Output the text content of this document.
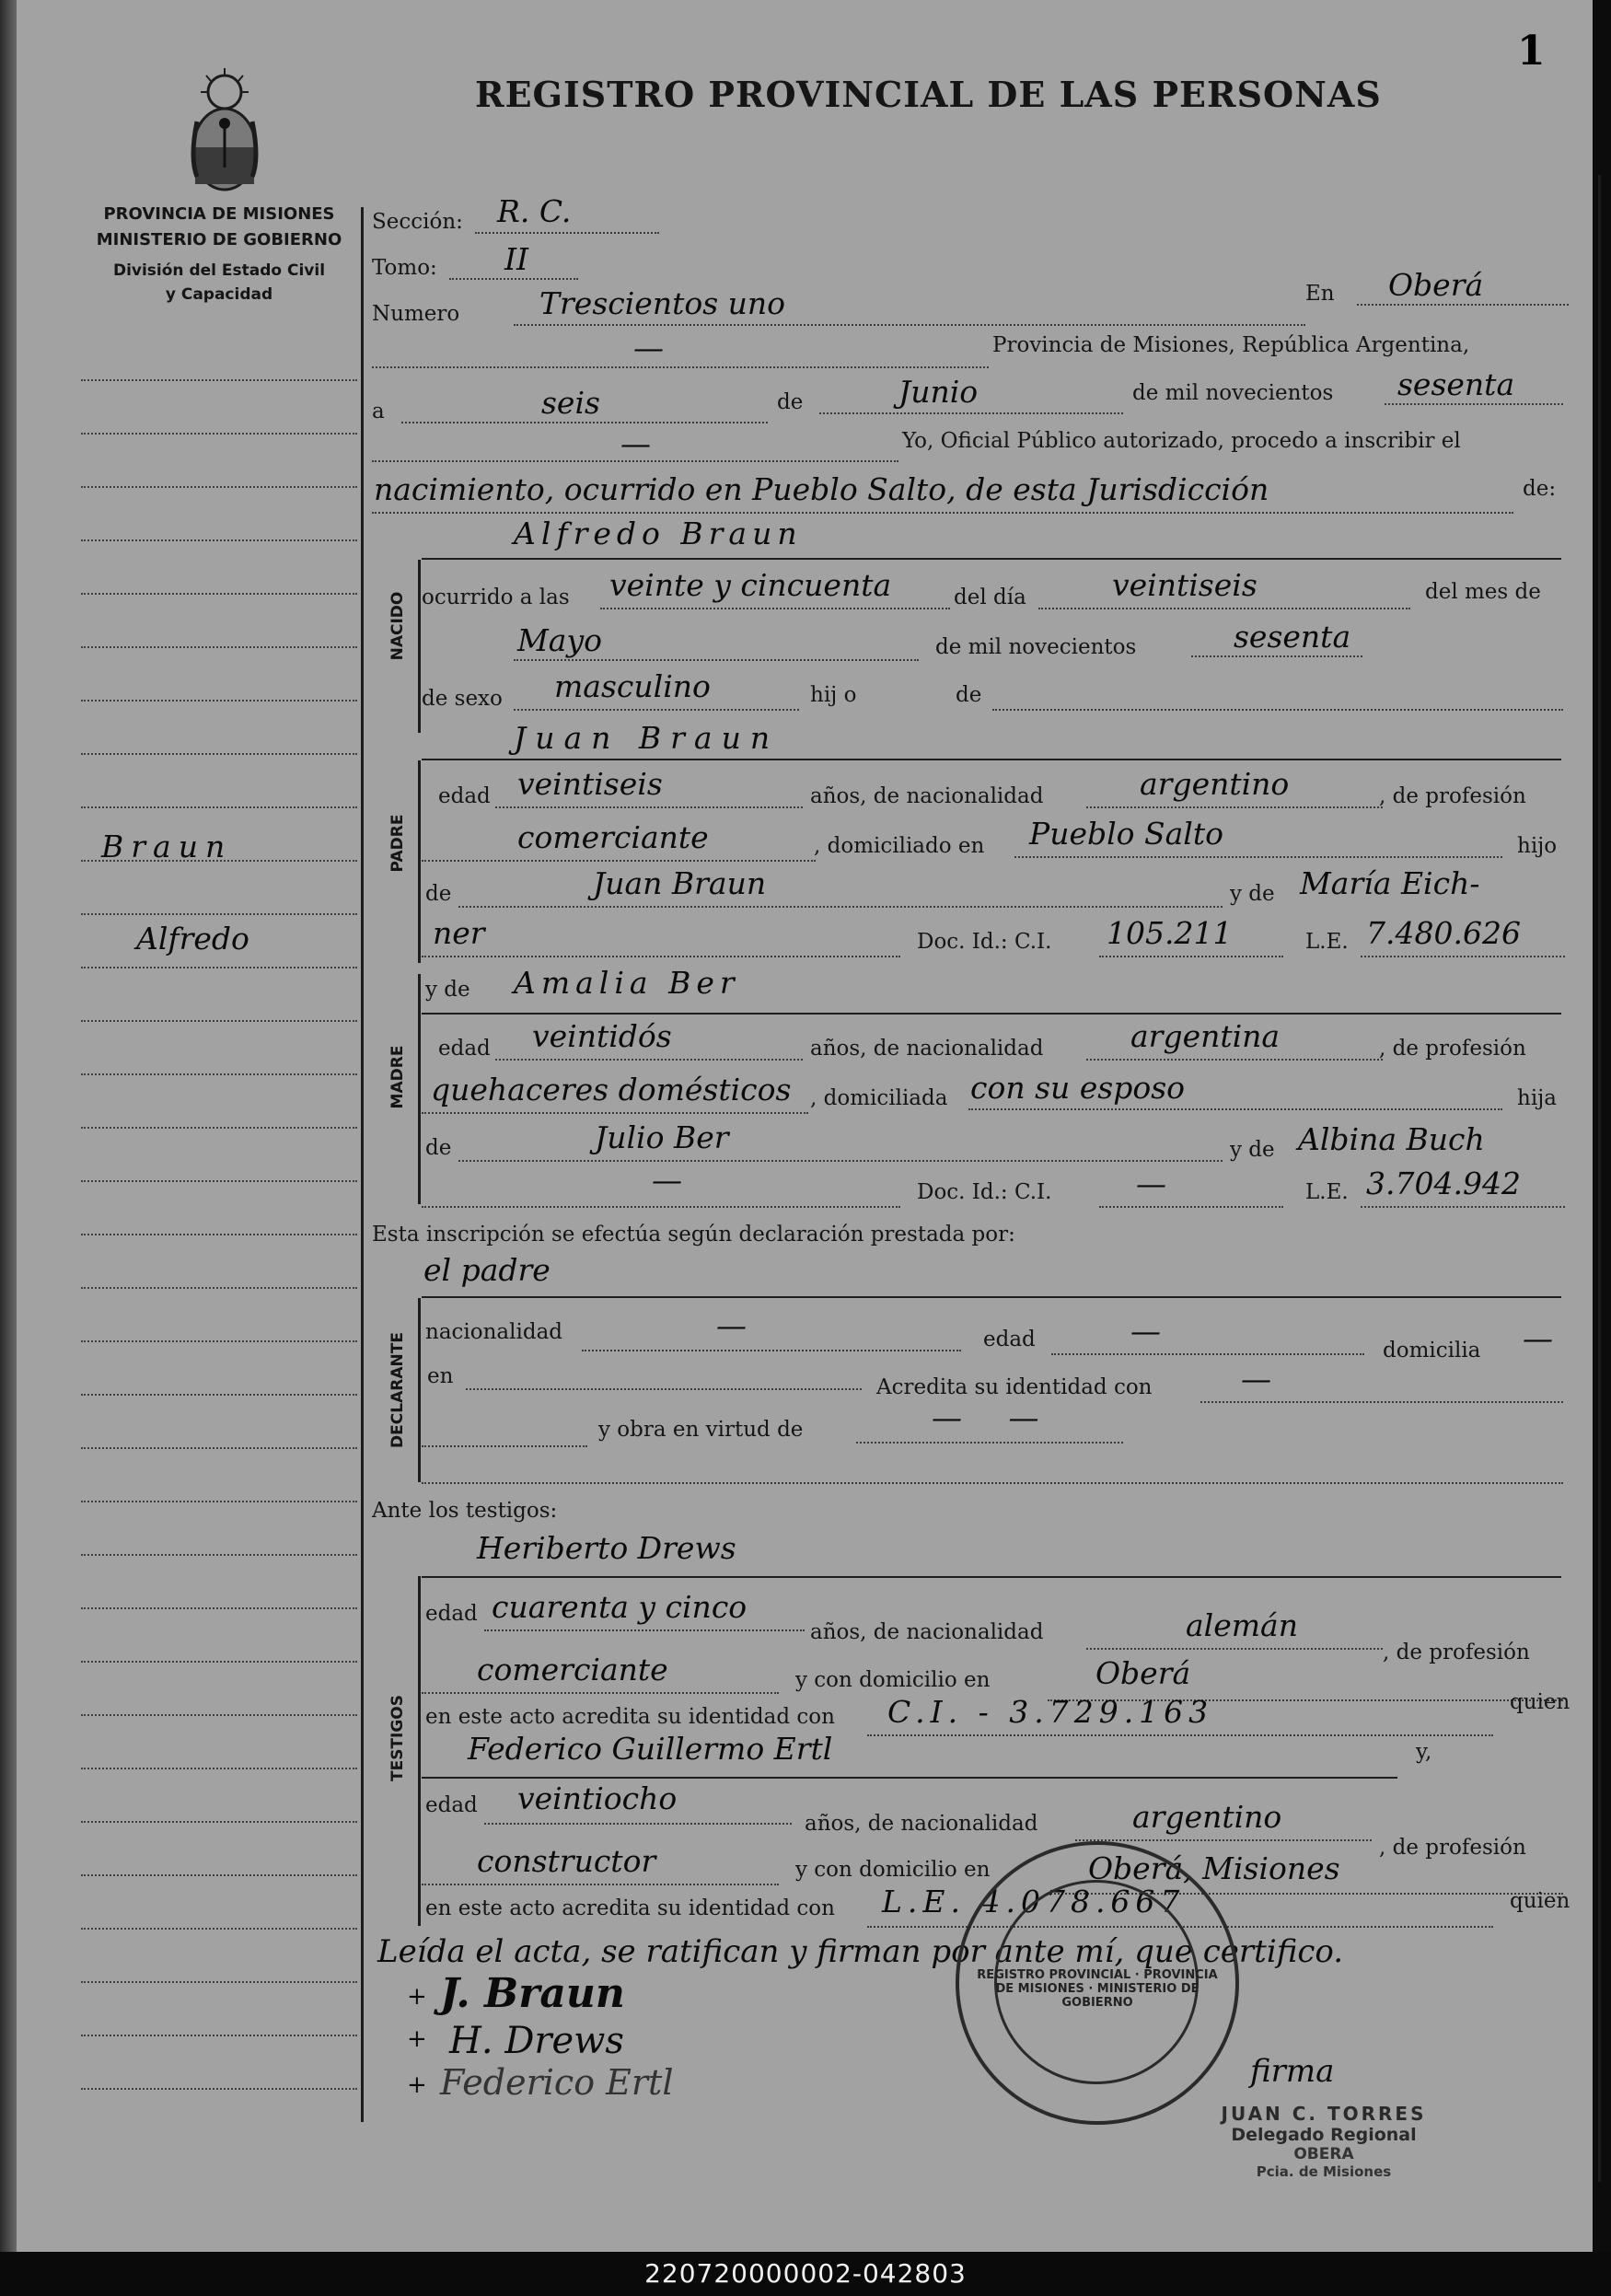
1
REGISTRO PROVINCIAL DE LAS PERSONAS
PROVINCIA DE MISIONES
MINISTERIO DE GOBIERNO
División del Estado Civil
y Capacidad
Braun
Alfredo
Sección: R. C.
Tomo: II
Numero	Trescientos uno	En Oberá
—	Provincia de Misiones, República Argentina,
a	seis	de	Junio	de mil novecientos sesenta
—	Yo, Oficial Público autorizado, procedo a inscribir el
nacimiento, ocurrido en Pueblo Salto, de esta Jurisdicción	de:
NACIDO
Alfredo Braun
ocurrido a las veinte y cincuenta	del día	veintiseis	del mes de
Mayo	de mil novecientos	sesenta
de sexo masculino	hij o	de
PADRE
Juan Braun
edad veintiseis	años, de nacionalidad	argentino	, de profesión
comerciante	, domiciliado en Pueblo Salto	hijo
de	Juan Braun	y de María Eich-
ner	Doc. Id.: C.I. 105.211	L.E. 7.480.626
MADRE
y de Amalia Ber
edad veintidós	años, de nacionalidad	argentina	, de profesión
quehaceres domésticos , domiciliada con su esposo	hija
de	Julio Ber	y de Albina Buch
—	Doc. Id.: C.I.	—	L.E. 3.704.942
Esta inscripción se efectúa según declaración prestada por:
el padre
DECLARANTE
nacionalidad	—	edad	—
domicilia —
en	Acredita su identidad con	—
y obra en virtud de	— —
Ante los testigos:
Heriberto Drews
TESTIGOS
edad cuarenta y cinco
años, de nacionalidad	alemán
, de profesión
comerciante	y con domicilio en	Oberá
en este acto acredita su identidad con C.I. - 3.729.163	quien
Federico Guillermo Ertl	y,
edad veintiocho
años, de nacionalidad	argentino
, de profesión
constructor	y con domicilio en	Oberá, Misiones
en este acto acredita su identidad con L.E. 4.078.667	quien
Leída el acta, se ratifican y firman por ante mí, que certifico.
+
+
+
J. Braun
H. Drews
Federico Ertl
REGISTRO PROVINCIAL · PROVINCIA DE MISIONES · MINISTERIO DE GOBIERNO
firma
JUAN C. TORRES
Delegado Regional
OBERA
Pcia. de Misiones
220720000002-042803
